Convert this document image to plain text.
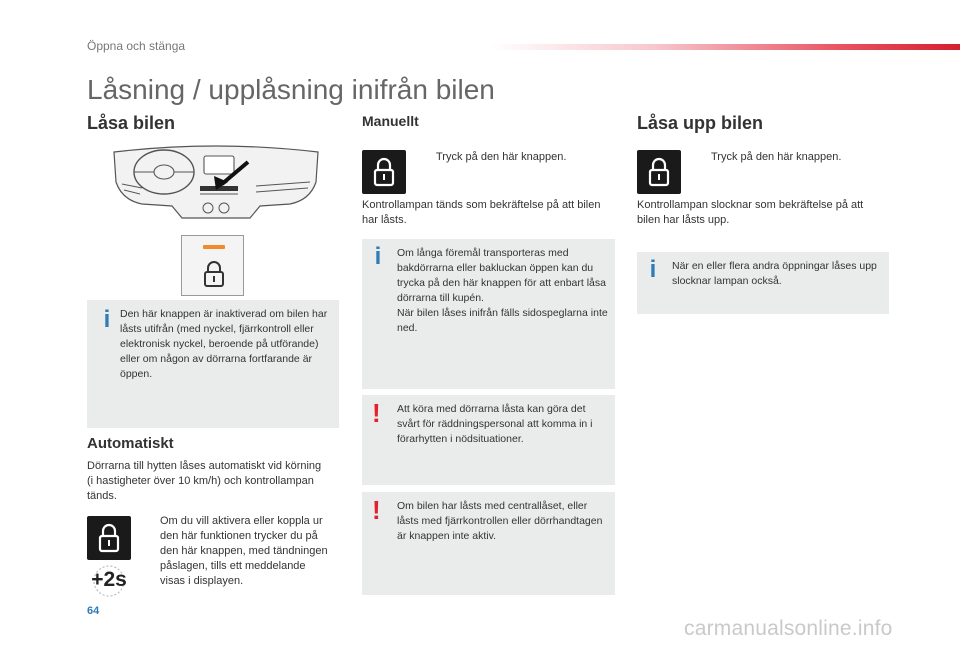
Öppna och stänga
Låsning / upplåsning inifrån bilen
Låsa bilen
i Den här knappen är inaktiverad om bilen har låsts utifrån (med nyckel, fjärrkontroll eller elektronisk nyckel, beroende på utförande) eller om någon av dörrarna fortfarande är öppen.
Automatiskt
Dörrarna till hytten låses automatiskt vid körning (i hastigheter över 10 km/h) och kontrollampan tänds.
+2s
Om du vill aktivera eller koppla ur den här funktionen trycker du på den här knappen, med tändningen påslagen, tills ett meddelande visas i displayen.
Manuellt
Tryck på den här knappen.
Kontrollampan tänds som bekräftelse på att bilen har låsts.
i Om långa föremål transporteras med bakdörrarna eller bakluckan öppen kan du trycka på den här knappen för att enbart låsa dörrarna till kupén.
När bilen låses inifrån fälls sidospeglarna inte ned.
! Att köra med dörrarna låsta kan göra det svårt för räddningspersonal att komma in i förarhytten i nödsituationer.
! Om bilen har låsts med centrallåset, eller låsts med fjärrkontrollen eller dörrhandtagen är knappen inte aktiv.
Låsa upp bilen
Tryck på den här knappen.
Kontrollampan slocknar som bekräftelse på att bilen har låsts upp.
i När en eller flera andra öppningar låses upp slocknar lampan också.
64
carmanualsonline.info
